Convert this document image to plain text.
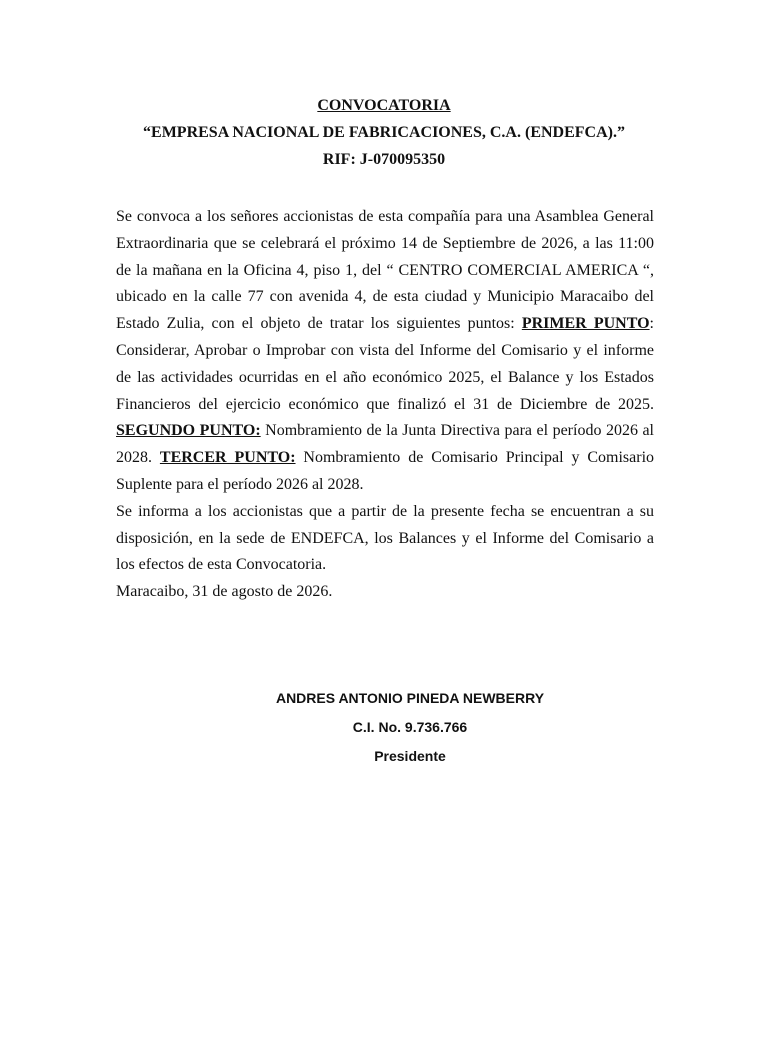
CONVOCATORIA
“EMPRESA NACIONAL DE FABRICACIONES, C.A. (ENDEFCA).”
RIF: J-070095350

Se convoca a los señores accionistas de esta compañía para una Asamblea General Extraordinaria que se celebrará el próximo 14 de Septiembre de 2026, a las 11:00 de la mañana en la Oficina 4, piso 1, del “ CENTRO COMERCIAL AMERICA “, ubicado en la calle 77 con avenida 4, de esta ciudad y Municipio Maracaibo del Estado Zulia, con el objeto de tratar los siguientes puntos: PRIMER PUNTO: Considerar, Aprobar o Improbar con vista del Informe del Comisario y el informe de las actividades ocurridas en el año económico 2025, el Balance y los Estados Financieros del ejercicio económico que finalizó el 31 de Diciembre de 2025. SEGUNDO PUNTO: Nombramiento de la Junta Directiva para el período 2026 al 2028. TERCER PUNTO: Nombramiento de Comisario Principal y Comisario Suplente para el período 2026 al 2028.

Se informa a los accionistas que a partir de la presente fecha se encuentran a su disposición, en la sede de ENDEFCA, los Balances y el Informe del Comisario a los efectos de esta Convocatoria.

Maracaibo, 31 de agosto de 2026.

ANDRES ANTONIO PINEDA NEWBERRY
C.I. No. 9.736.766
Presidente
